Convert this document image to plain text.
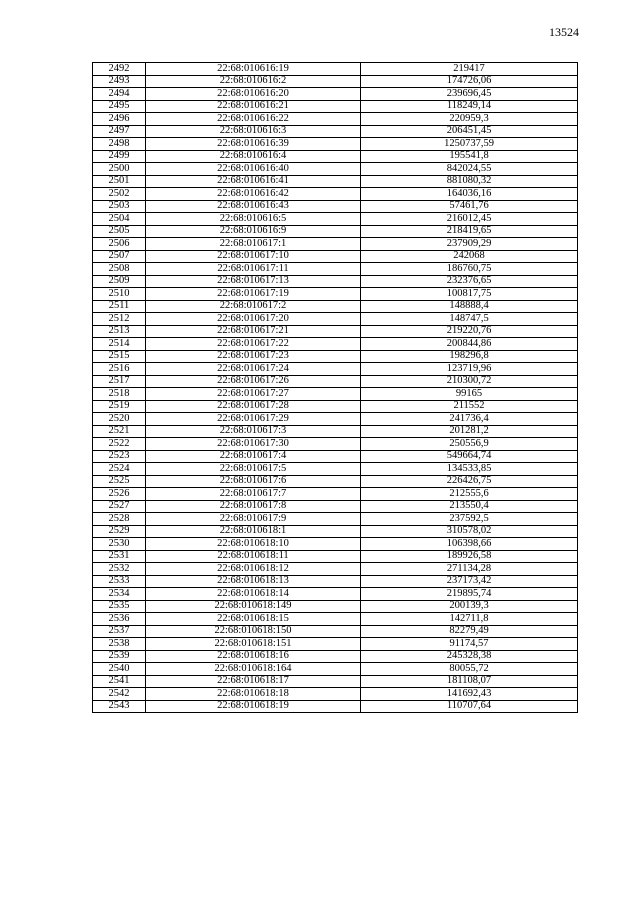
13524
2492	22:68:010616:19	219417
2493	22:68:010616:2	174726,06
2494	22:68:010616:20	239696,45
2495	22:68:010616:21	118249,14
2496	22:68:010616:22	220959,3
2497	22:68:010616:3	206451,45
2498	22:68:010616:39	1250737,59
2499	22:68:010616:4	195541,8
2500	22:68:010616:40	842024,55
2501	22:68:010616:41	881080,32
2502	22:68:010616:42	164036,16
2503	22:68:010616:43	57461,76
2504	22:68:010616:5	216012,45
2505	22:68:010616:9	218419,65
2506	22:68:010617:1	237909,29
2507	22:68:010617:10	242068
2508	22:68:010617:11	186760,75
2509	22:68:010617:13	232376,65
2510	22:68:010617:19	100817,75
2511	22:68:010617:2	148888,4
2512	22:68:010617:20	148747,5
2513	22:68:010617:21	219220,76
2514	22:68:010617:22	200844,86
2515	22:68:010617:23	198296,8
2516	22:68:010617:24	123719,96
2517	22:68:010617:26	210300,72
2518	22:68:010617:27	99165
2519	22:68:010617:28	211552
2520	22:68:010617:29	241736,4
2521	22:68:010617:3	201281,2
2522	22:68:010617:30	250556,9
2523	22:68:010617:4	549664,74
2524	22:68:010617:5	134533,85
2525	22:68:010617:6	226426,75
2526	22:68:010617:7	212555,6
2527	22:68:010617:8	213550,4
2528	22:68:010617:9	237592,5
2529	22:68:010618:1	310578,02
2530	22:68:010618:10	106398,66
2531	22:68:010618:11	189926,58
2532	22:68:010618:12	271134,28
2533	22:68:010618:13	237173,42
2534	22:68:010618:14	219895,74
2535	22:68:010618:149	200139,3
2536	22:68:010618:15	142711,8
2537	22:68:010618:150	82279,49
2538	22:68:010618:151	91174,57
2539	22:68:010618:16	245328,38
2540	22:68:010618:164	80055,72
2541	22:68:010618:17	181108,07
2542	22:68:010618:18	141692,43
2543	22:68:010618:19	110707,64
